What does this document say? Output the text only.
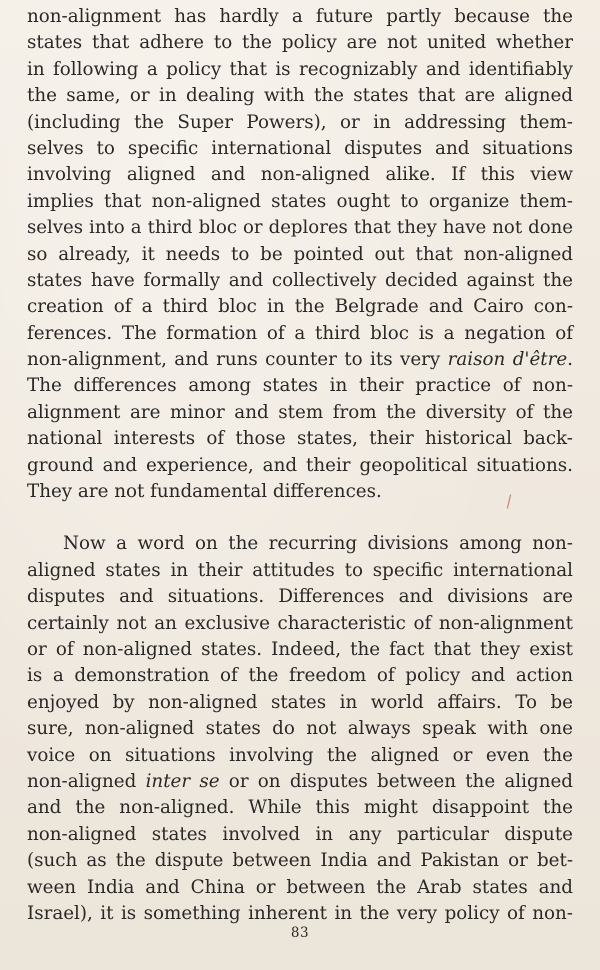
non-alignment has hardly a future partly because the
states that adhere to the policy are not united whether
in following a policy that is recognizably and identifiably
the same, or in dealing with the states that are aligned
(including the Super Powers), or in addressing them-
selves to specific international disputes and situations
involving aligned and non-aligned alike. If this view
implies that non-aligned states ought to organize them-
selves into a third bloc or deplores that they have not done
so already, it needs to be pointed out that non-aligned
states have formally and collectively decided against the
creation of a third bloc in the Belgrade and Cairo con-
ferences. The formation of a third bloc is a negation of
non-alignment, and runs counter to its very raison d'être.
The differences among states in their practice of non-
alignment are minor and stem from the diversity of the
national interests of those states, their historical back-
ground and experience, and their geopolitical situations.
They are not fundamental differences.
Now a word on the recurring divisions among non-
aligned states in their attitudes to specific international
disputes and situations. Differences and divisions are
certainly not an exclusive characteristic of non-alignment
or of non-aligned states. Indeed, the fact that they exist
is a demonstration of the freedom of policy and action
enjoyed by non-aligned states in world affairs. To be
sure, non-aligned states do not always speak with one
voice on situations involving the aligned or even the
non-aligned inter se or on disputes between the aligned
and the non-aligned. While this might disappoint the
non-aligned states involved in any particular dispute
(such as the dispute between India and Pakistan or bet-
ween India and China or between the Arab states and
Israel), it is something inherent in the very policy of non-
83
